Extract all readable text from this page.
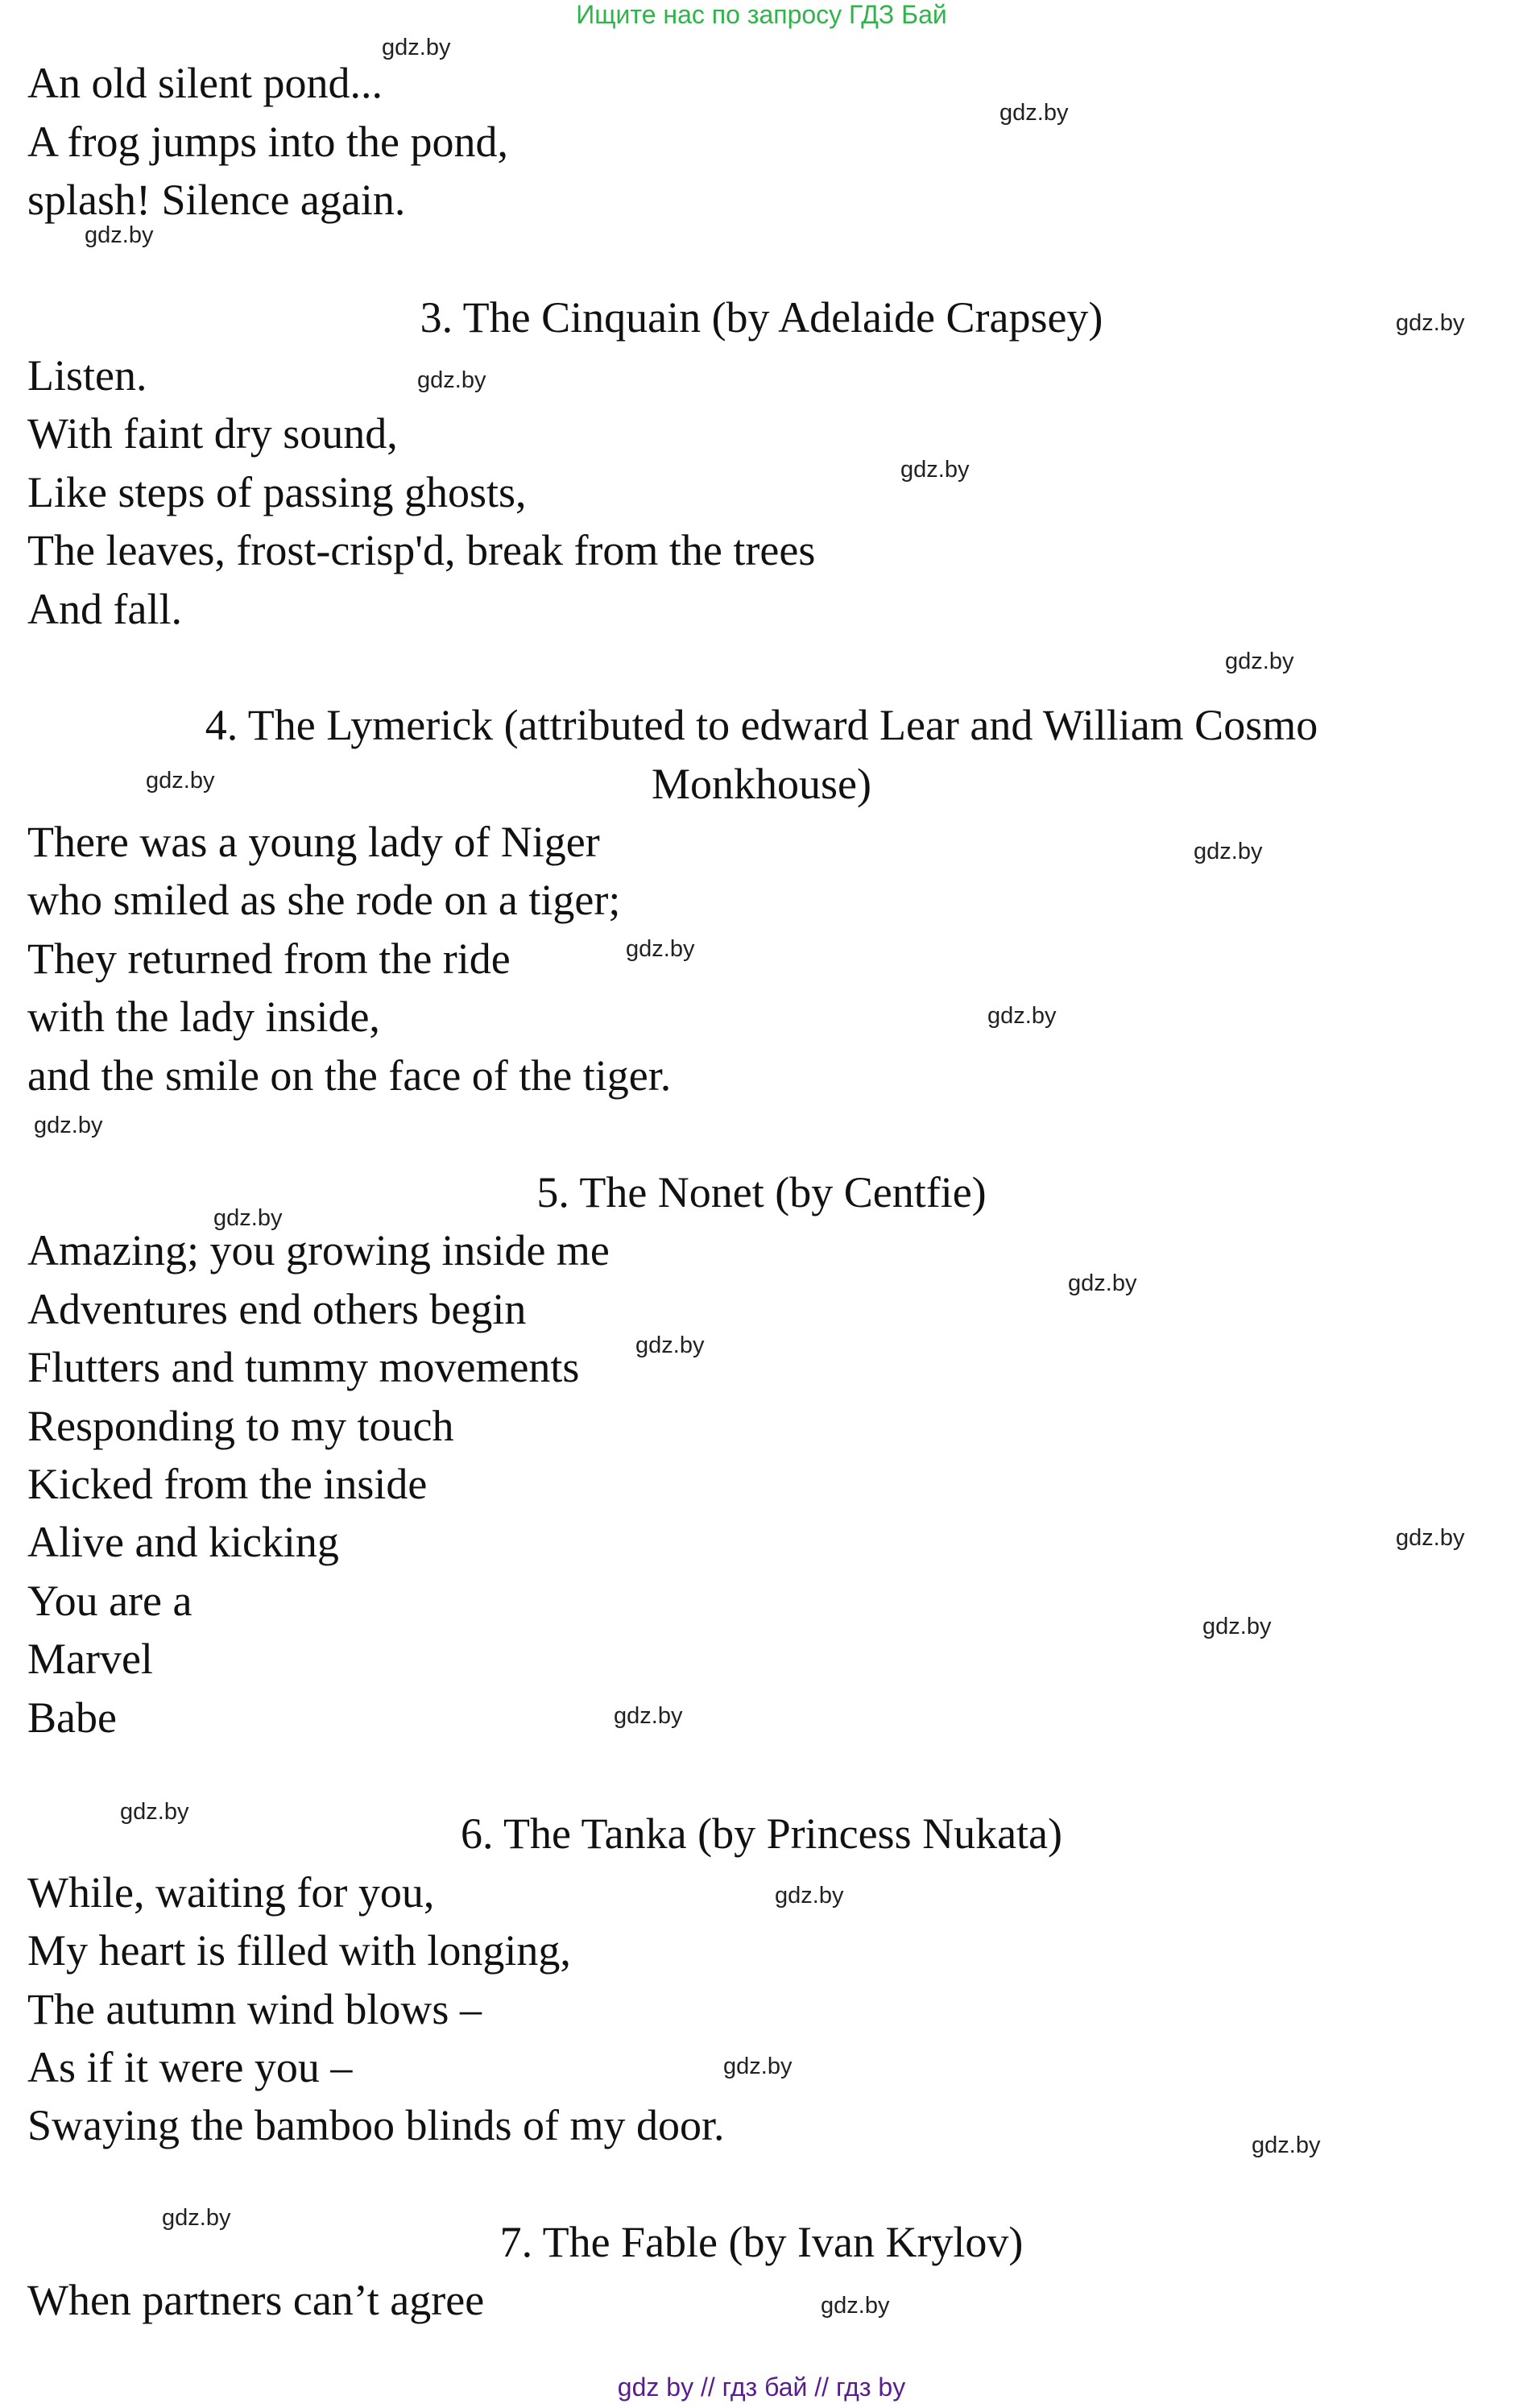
Ищите нас по запросу ГДЗ Бай
An old silent pond...
A frog jumps into the pond,
splash! Silence again.
3. The Cinquain (by Adelaide Crapsey)
Listen.
With faint dry sound,
Like steps of passing ghosts,
The leaves, frost-crisp'd, break from the trees
And fall.
4. The Lymerick (attributed to edward Lear and William Cosmo
Monkhouse)
There was a young lady of Niger
who smiled as she rode on a tiger;
They returned from the ride
with the lady inside,
and the smile on the face of the tiger.
5. The Nonet (by Centfie)
Amazing; you growing inside me
Adventures end others begin
Flutters and tummy movements
Responding to my touch
Kicked from the inside
Alive and kicking
You are a
Marvel
Babe
6. The Tanka (by Princess Nukata)
While, waiting for you,
My heart is filled with longing,
The autumn wind blows –
As if it were you –
Swaying the bamboo blinds of my door.
7. The Fable (by Ivan Krylov)
When partners can’t agree
gdz.by
gdz.by
gdz.by
gdz.by
gdz.by
gdz.by
gdz.by
gdz.by
gdz.by
gdz.by
gdz.by
gdz.by
gdz.by
gdz.by
gdz.by
gdz.by
gdz.by
gdz.by
gdz.by
gdz.by
gdz.by
gdz.by
gdz.by
gdz.by
gdz by // гдз бай // гдз by
